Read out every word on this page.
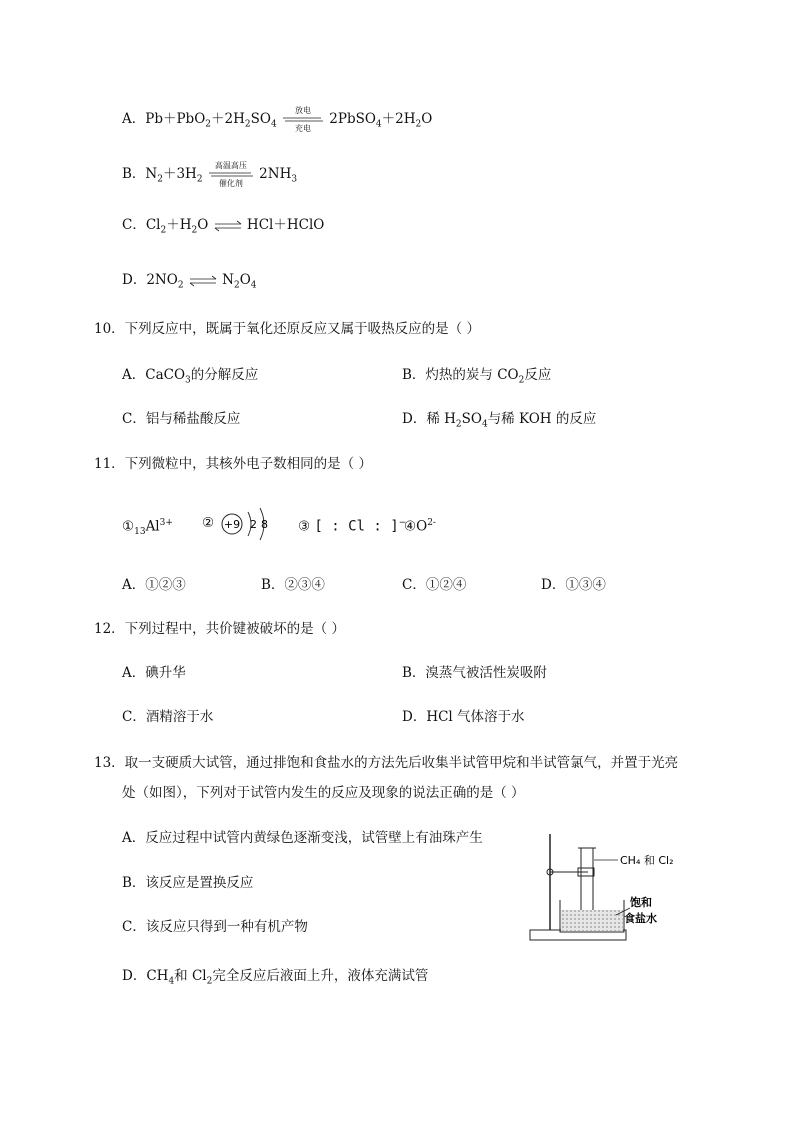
A．$Pb+PbO_2+2H_2SO_4$ 放电

充电 $2PbSO_4+2H_2O$
B．$N_2+3H_2$ 高温高压

催化剂 $2NH_3$
C．$Cl_2+H_2O$ ⇌ HCl＋HClO
D．$2NO_2$ ⇌ $N_2O_4$
10．下列反应中，既属于氧化还原反应又属于吸热反应的是（ ）
A．CaCO$_3$的分解反应	B．灼热的炭与 $CO_2$反应
C．铝与稀盐酸反应	D．稀 $H_2SO_4$与稀 KOH 的反应
11．下列微粒中，其核外电子数相同的是（ ）
$①_{13}Al^{3+}$ ② +9 2 8 ③ [ : Cl : ]−
$④O^{2-}$
A．①②③	B．②③④	C．①②④	D．①③④
12．下列过程中，共价键被破坏的是（ ）
A．碘升华	B．溴蒸气被活性炭吸附
C．酒精溶于水	D．HCl 气体溶于水
13．取一支硬质大试管，通过排饱和食盐水的方法先后收集半试管甲烷和半试管氯气，并置于光亮
处（如图），下列对于试管内发生的反应及现象的说法正确的是（ ）
A．反应过程中试管内黄绿色逐渐变浅，试管壁上有油珠产生
B．该反应是置换反应
C．该反应只得到一种有机产物
D．$CH_4$和 $Cl_2$完全反应后液面上升，液体充满试管
CH₄ 和 Cl₂
饱和
食盐水
